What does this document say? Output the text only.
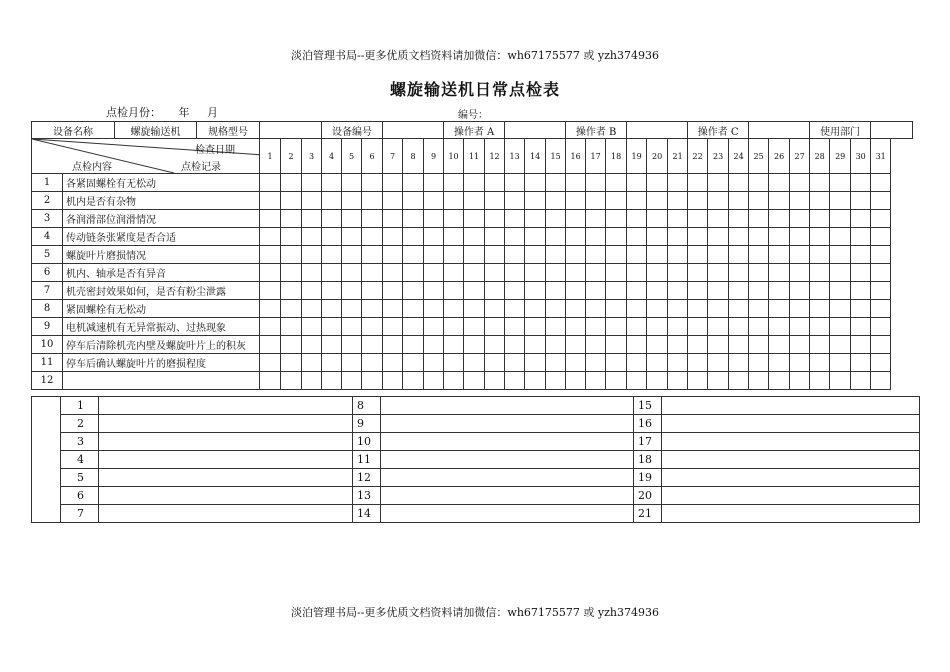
淡泊管理书局--更多优质文档资料请加微信：wh67175577 或 yzh374936
螺旋输送机日常点检表
点检月份： 年 月	编号：
设备名称		螺旋输送机	规格型号				设备编号						操作者 A						操作者 B						操作者 C						使用部门			

检查日期
点检记录
点检内容				1	2	3	4	5	6	7	8	9	10	11	12	13	14	15	16	17	18	19	20	21	22	23	24	25	26	27	28	29	30	31
1	各紧固螺栓有无松动																																	
2	机内是否有杂物																																	
3	各润滑部位润滑情况																																	
4	传动链条张紧度是否合适																																	
5	螺旋叶片磨损情况																																	
6	机内、轴承是否有异音																																	
7	机壳密封效果如何，是否有粉尘泄露																																	
8	紧固螺栓有无松动																																	
9	电机减速机有无异常振动、过热现象																																	
10	停车后清除机壳内壁及螺旋叶片上的积灰																																	
11	停车后确认螺旋叶片的磨损程度																																	
12																																		
	1		8		15	
	2		9		16	
	3		10		17	
	4		11		18	
	5		12		19	
	6		13		20	
	7		14		21	
淡泊管理书局--更多优质文档资料请加微信：wh67175577 或 yzh374936
